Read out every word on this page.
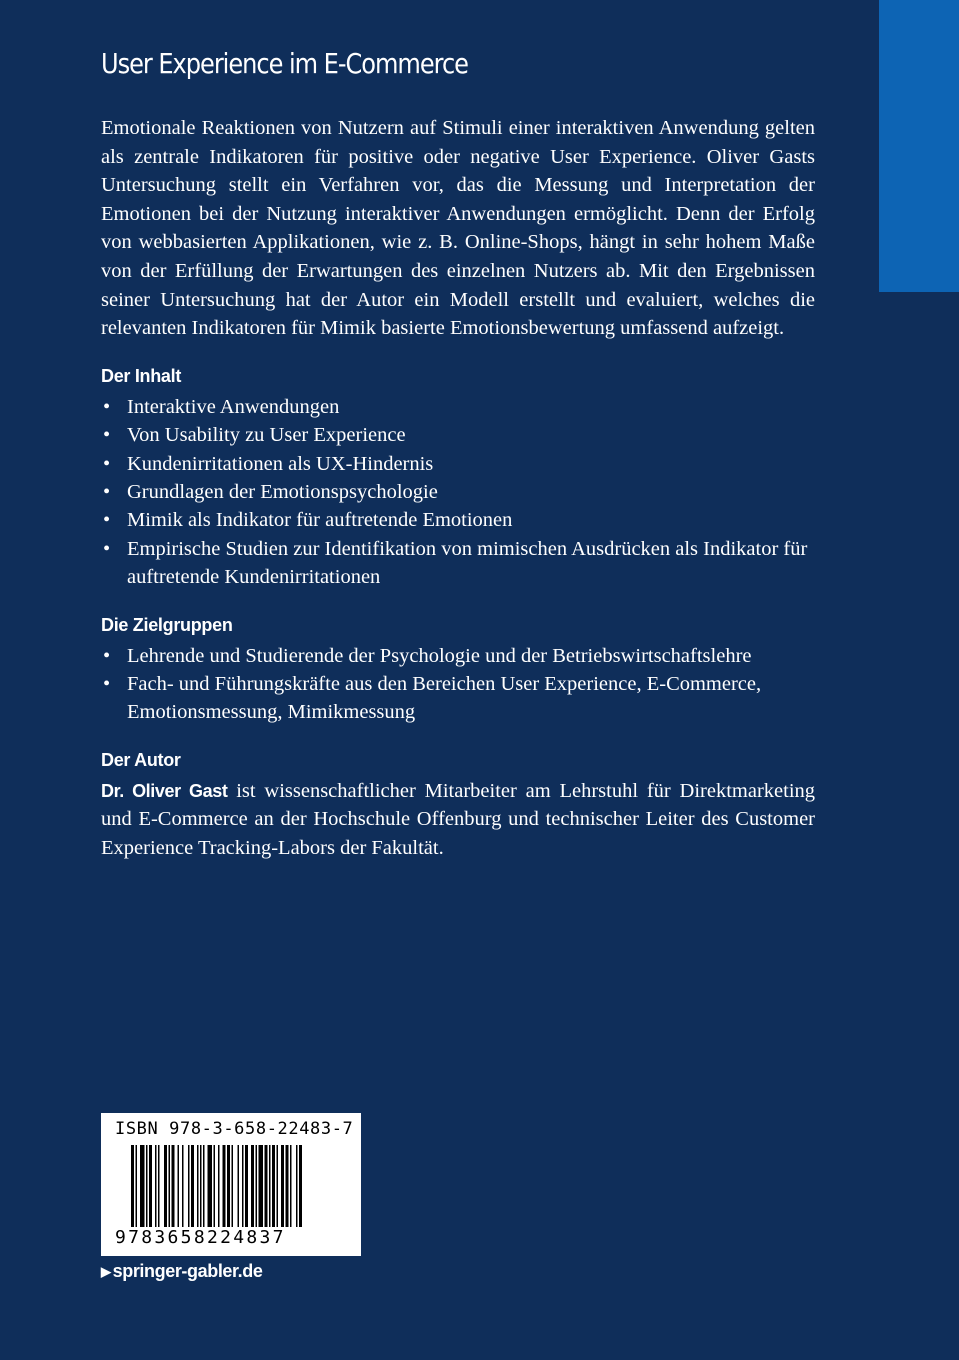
User Experience im E-Commerce

Emotionale Reaktionen von Nutzern auf Stimuli einer interaktiven Anwendung gelten als zentrale Indikatoren für positive oder negative User Experience. Oliver Gasts Untersuchung stellt ein Verfahren vor, das die Messung und Interpretation der Emotionen bei der Nutzung interaktiver Anwendungen ermöglicht. Denn der Erfolg von webbasierten Applikationen, wie z. B. Online-Shops, hängt in sehr hohem Maße von der Erfüllung der Erwartungen des einzelnen Nutzers ab. Mit den Ergebnissen seiner Untersuchung hat der Autor ein Modell erstellt und evaluiert, welches die relevanten Indikatoren für Mimik basierte Emotionsbewertung umfassend aufzeigt.

Der Inhalt
• Interaktive Anwendungen
• Von Usability zu User Experience
• Kundenirritationen als UX-Hindernis
• Grundlagen der Emotionspsychologie
• Mimik als Indikator für auftretende Emotionen
• Empirische Studien zur Identifikation von mimischen Ausdrücken als Indikator für auftretende Kundenirritationen
Die Zielgruppen
• Lehrende und Studierende der Psychologie und der Betriebswirtschaftslehre
• Fach- und Führungskräfte aus den Bereichen User Experience, E-Commerce, Emotionsmessung, Mimikmessung
Der Autor

Dr. Oliver Gast ist wissenschaftlicher Mitarbeiter am Lehrstuhl für Direktmarketing und E-Commerce an der Hochschule Offenburg und technischer Leiter des Customer Experience Tracking-Labors der Fakultät.

ISBN 978-3-658-22483-7
9783658224837
▶ springer-gabler.de
